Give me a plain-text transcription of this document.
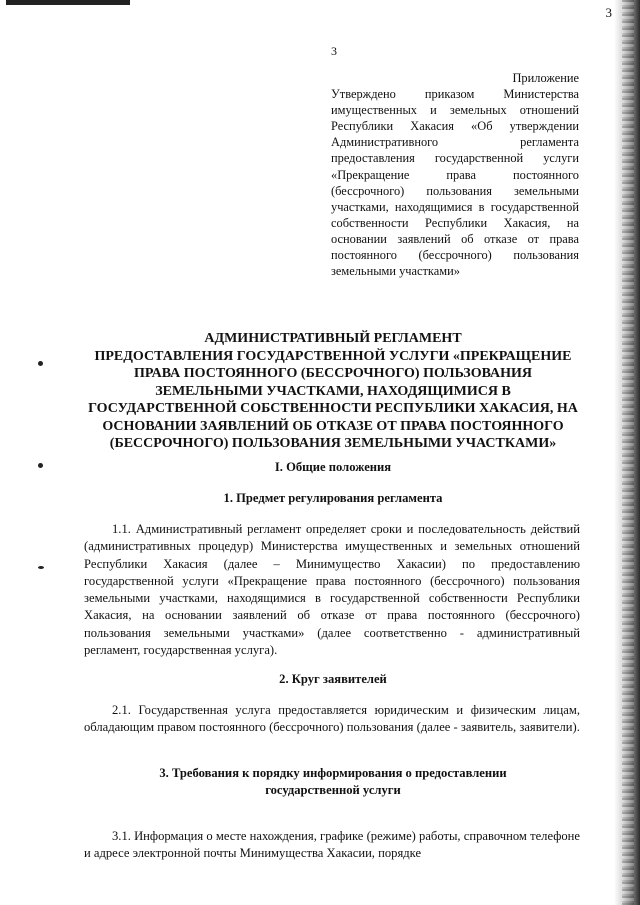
3
3
Приложение
Утверждено приказом Министерства имущественных и земельных отношений Республики Хакасия «Об утверждении Административного регламента предоставления государственной услуги «Прекращение права постоянного (бессрочного) пользования земельными участками, находящимися в государственной собственности Республики Хакасия, на основании заявлений об отказе от права постоянного (бессрочного) пользования земельными участками»
АДМИНИСТРАТИВНЫЙ РЕГЛАМЕНТ
ПРЕДОСТАВЛЕНИЯ ГОСУДАРСТВЕННОЙ УСЛУГИ «ПРЕКРАЩЕНИЕ
ПРАВА ПОСТОЯННОГО (БЕССРОЧНОГО) ПОЛЬЗОВАНИЯ
ЗЕМЕЛЬНЫМИ УЧАСТКАМИ, НАХОДЯЩИМИСЯ В
ГОСУДАРСТВЕННОЙ СОБСТВЕННОСТИ РЕСПУБЛИКИ ХАКАСИЯ, НА
ОСНОВАНИИ ЗАЯВЛЕНИЙ ОБ ОТКАЗЕ ОТ ПРАВА ПОСТОЯННОГО
(БЕССРОЧНОГО) ПОЛЬЗОВАНИЯ ЗЕМЕЛЬНЫМИ УЧАСТКАМИ»
I. Общие положения
1. Предмет регулирования регламента

1.1. Административный регламент определяет сроки и последовательность действий (административных процедур) Министерства имущественных и земельных отношений Республики Хакасия (далее – Минимущество Хакасии) по предоставлению государственной услуги «Прекращение права постоянного (бессрочного) пользования земельными участками, находящимися в государственной собственности Республики Хакасия, на основании заявлений об отказе от права постоянного (бессрочного) пользования земельными участками» (далее соответственно - административный регламент, государственная услуга).

2. Круг заявителей

2.1. Государственная услуга предоставляется юридическим и физическим лицам, обладающим правом постоянного (бессрочного) пользования (далее - заявитель, заявители).

3. Требования к порядку информирования о предоставлении
государственной услуги

3.1. Информация о месте нахождения, графике (режиме) работы, справочном телефоне и адресе электронной почты Минимущества Хакасии, порядке
